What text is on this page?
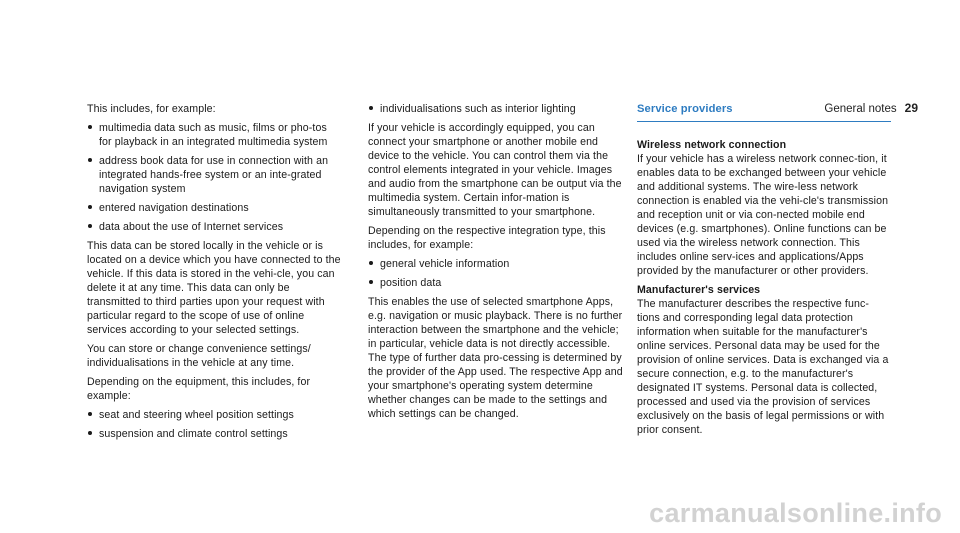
General notes 29

This includes, for example:

multimedia data such as music, films or pho-tos for playback in an integrated multimedia system
address book data for use in connection with an integrated hands-free system or an inte-grated navigation system
entered navigation destinations
data about the use of Internet services

This data can be stored locally in the vehicle or is located on a device which you have connected to the vehicle. If this data is stored in the vehi-cle, you can delete it at any time. This data can only be transmitted to third parties upon your request with particular regard to the scope of use of online services according to your selected settings.

You can store or change convenience settings/ individualisations in the vehicle at any time.

Depending on the equipment, this includes, for example:

seat and steering wheel position settings
suspension and climate control settings
individualisations such as interior lighting

If your vehicle is accordingly equipped, you can connect your smartphone or another mobile end device to the vehicle. You can control them via the control elements integrated in your vehicle. Images and audio from the smartphone can be output via the multimedia system. Certain infor-mation is simultaneously transmitted to your smartphone.

Depending on the respective integration type, this includes, for example:

general vehicle information
position data

This enables the use of selected smartphone Apps, e.g. navigation or music playback. There is no further interaction between the smartphone and the vehicle; in particular, vehicle data is not directly accessible. The type of further data pro-cessing is determined by the provider of the App used. The respective App and your smartphone's operating system determine whether changes can be made to the settings and which settings can be changed.

Service providers
Wireless network connection

If your vehicle has a wireless network connec-tion, it enables data to be exchanged between your vehicle and additional systems. The wire-less network connection is enabled via the vehi-cle's transmission and reception unit or via con-nected mobile end devices (e.g. smartphones). Online functions can be used via the wireless network connection. This includes online serv-ices and applications/Apps provided by the manufacturer or other providers.

Manufacturer's services

The manufacturer describes the respective func-tions and corresponding legal data protection information when suitable for the manufacturer's online services. Personal data may be used for the provision of online services. Data is exchanged via a secure connection, e.g. to the manufacturer's designated IT systems. Personal data is collected, processed and used via the provision of services exclusively on the basis of legal permissions or with prior consent.

carmanualsonline.info
